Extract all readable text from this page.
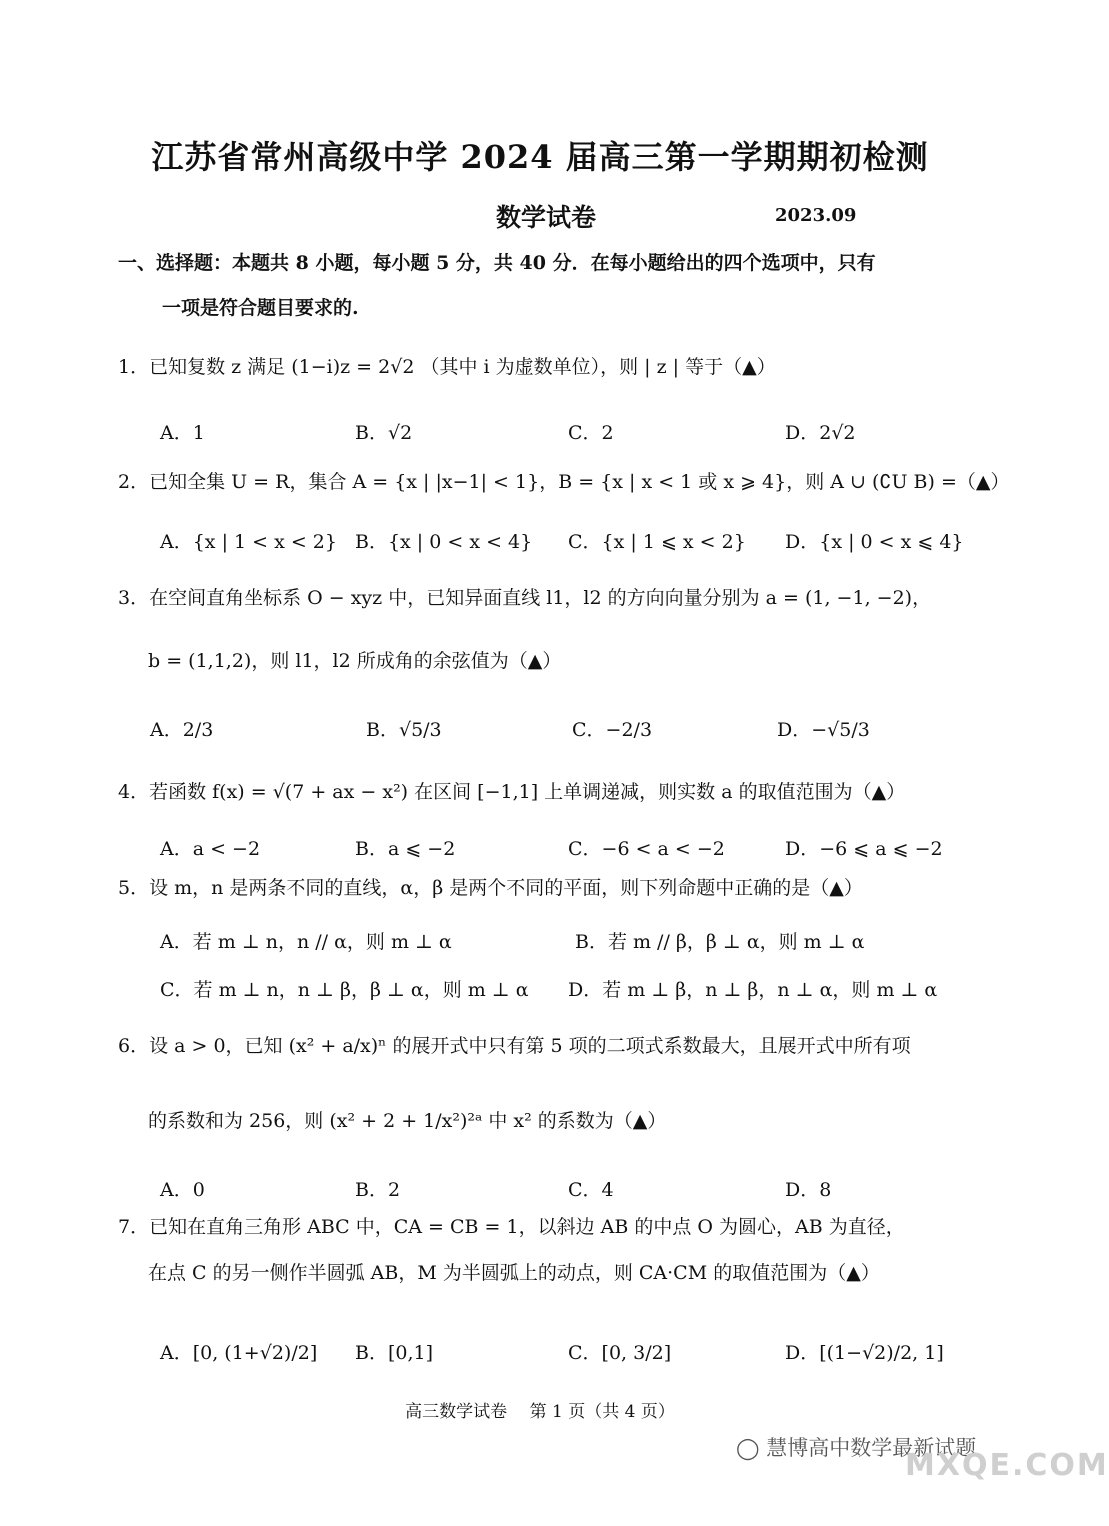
江苏省常州高级中学 2024 届高三第一学期期初检测
数学试卷	2023.09
一、选择题：本题共 8 小题，每小题 5 分，共 40 分．在每小题给出的四个选项中，只有
一项是符合题目要求的.
1．已知复数 z 满足 (1−i)z = 2√2 （其中 i 为虚数单位），则 | z | 等于（▲）
A．1	B．√2	C．2	D．2√2
2．已知全集 U = R，集合 A = {x | |x−1| < 1}，B = {x | x < 1 或 x ⩾ 4}，则 A ∪ (∁U B) =（▲）
A．{x | 1 < x < 2} B．{x | 0 < x < 4} C．{x | 1 ⩽ x < 2} D．{x | 0 < x ⩽ 4}
3．在空间直角坐标系 O − xyz 中，已知异面直线 l1，l2 的方向向量分别为 a = (1, −1, −2)，
b = (1,1,2)，则 l1，l2 所成角的余弦值为（▲）
A．2/3	B．√5/3	C．−2/3	D．−√5/3
4．若函数 f(x) = √(7 + ax − x²) 在区间 [−1,1] 上单调递减，则实数 a 的取值范围为（▲）
A．a < −2	B．a ⩽ −2	C．−6 < a < −2	D．−6 ⩽ a ⩽ −2
5．设 m，n 是两条不同的直线，α，β 是两个不同的平面，则下列命题中正确的是（▲）
A．若 m ⊥ n，n // α，则 m ⊥ α	B．若 m // β，β ⊥ α，则 m ⊥ α
C．若 m ⊥ n，n ⊥ β，β ⊥ α，则 m ⊥ α D．若 m ⊥ β，n ⊥ β，n ⊥ α，则 m ⊥ α
6．设 a > 0，已知 (x² + a/x)ⁿ 的展开式中只有第 5 项的二项式系数最大，且展开式中所有项
的系数和为 256，则 (x² + 2 + 1/x²)²ᵃ 中 x² 的系数为（▲）
A．0	B．2	C．4	D．8
7．已知在直角三角形 ABC 中，CA = CB = 1，以斜边 AB 的中点 O 为圆心，AB 为直径，
在点 C 的另一侧作半圆弧 AB，M 为半圆弧上的动点，则 CA·CM 的取值范围为（▲）
A．[0, (1+√2)/2] B．[0,1]	C．[0, 3/2]	D．[(1−√2)/2, 1]
高三数学试卷　 第 1 页（共 4 页）
◯ 慧博高中数学最新试题
MXQE.COM
